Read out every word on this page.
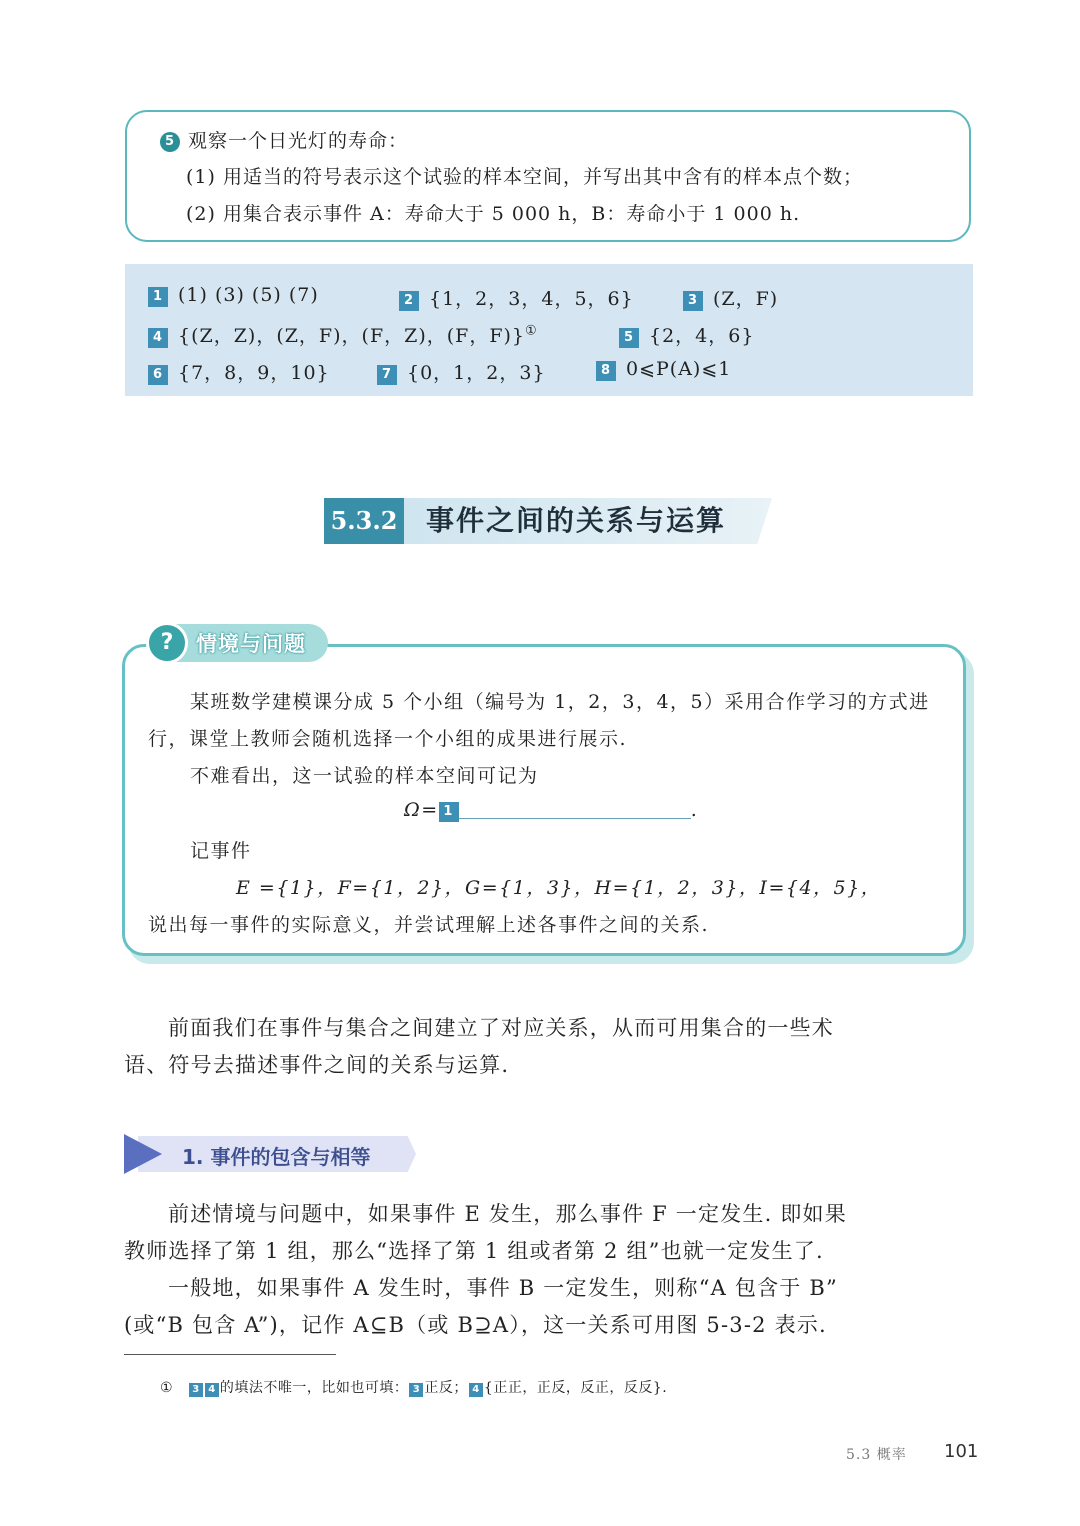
5 观察一个日光灯的寿命：
(1) 用适当的符号表示这个试验的样本空间，并写出其中含有的样本点个数；
(2) 用集合表示事件 A：寿命大于 5 000 h，B：寿命小于 1 000 h.
1 (1) (3) (5) (7)	2 {1，2，3，4，5，6}	3 (Z，F)
4 {(Z，Z)，(Z，F)，(F，Z)，(F，F)}①	5 {2，4，6}
6 {7，8，9，10}	7 {0，1，2，3}	8 0⩽P(A)⩽1
5.3.2 事件之间的关系与运算
?	情境与问题
某班数学建模课分成 5 个小组（编号为 1，2，3，4，5）采用合作学习的方式进
行，课堂上教师会随机选择一个小组的成果进行展示.
不难看出，这一试验的样本空间可记为
Ω= 1	.
记事件
E ={1}，F={1，2}，G={1，3}，H={1，2，3}，I={4，5}，
说出每一事件的实际意义，并尝试理解上述各事件之间的关系.
前面我们在事件与集合之间建立了对应关系，从而可用集合的一些术
语、符号去描述事件之间的关系与运算.
1. 事件的包含与相等
前述情境与问题中，如果事件 E 发生，那么事件 F 一定发生. 即如果
教师选择了第 1 组，那么“选择了第 1 组或者第 2 组”也就一定发生了.
一般地，如果事件 A 发生时，事件 B 一定发生，则称“A 包含于 B”
(或“B 包含 A”)，记作 A⊆B（或 B⊇A），这一关系可用图 5-3-2 表示.
① 3 4 的填法不唯一，比如也可填： 3 正反； 4 {正正，正反，反正，反反}.
5.3 概率 101
